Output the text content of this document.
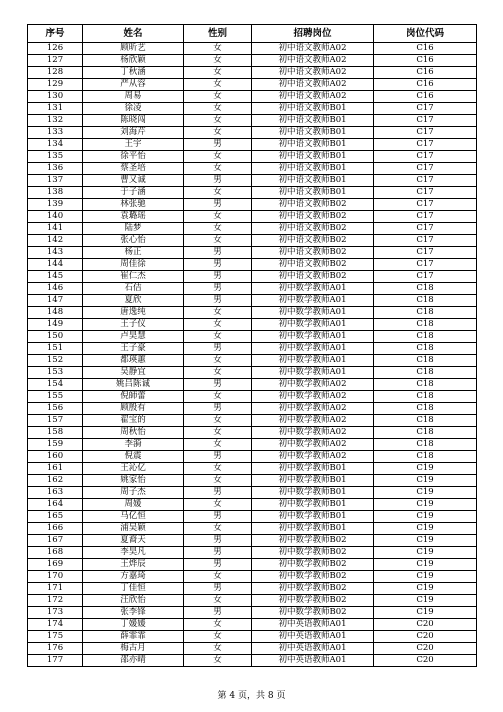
序号	姓名	性别	招聘岗位	岗位代码
126	顾昕艺	女	初中语文教师A02	C16
127	杨欣颖	女	初中语文教师A02	C16
128	丁秋涵	女	初中语文教师A02	C16
129	严从容	女	初中语文教师A02	C16
130	周易	女	初中语文教师A02	C16
131	徐凌	女	初中语文教师B01	C17
132	陈晓闯	女	初中语文教师B01	C17
133	刘海芹	女	初中语文教师B01	C17
134	王宇	男	初中语文教师B01	C17
135	徐平怡	女	初中语文教师B01	C17
136	蔡圣培	女	初中语文教师B01	C17
137	曹又诚	男	初中语文教师B01	C17
138	于子涵	女	初中语文教师B01	C17
139	林张驰	男	初中语文教师B02	C17
140	袁璐瑶	女	初中语文教师B02	C17
141	陆梦	女	初中语文教师B02	C17
142	张心怡	女	初中语文教师B02	C17
143	杨正	男	初中语文教师B02	C17
144	周佳徐	男	初中语文教师B02	C17
145	崔仁杰	男	初中语文教师B02	C17
146	石佶	男	初中数学教师A01	C18
147	夏欣	男	初中数学教师A01	C18
148	唐逸纯	女	初中数学教师A01	C18
149	王子仪	女	初中数学教师A01	C18
150	卢昊慧	女	初中数学教师A01	C18
151	王子豪	男	初中数学教师A01	C18
152	都瑛蕙	女	初中数学教师A01	C18
153	吴静宜	女	初中数学教师A01	C18
154	姚吕陈诚	男	初中数学教师A02	C18
155	倪師蕾	女	初中数学教师A02	C18
156	顾殷有	男	初中数学教师A02	C18
157	翟宝的	女	初中数学教师A02	C18
158	周秋怡	女	初中数学教师A02	C18
159	李漪	女	初中数学教师A02	C18
160	倪震	男	初中数学教师A02	C18
161	王沁亿	女	初中数学教师B01	C19
162	姚家怡	女	初中数学教师B01	C19
163	周子杰	男	初中数学教师B01	C19
164	周媛	女	初中数学教师B01	C19
165	马亿恒	男	初中数学教师B01	C19
166	浦吴颖	女	初中数学教师B01	C19
167	夏裔天	男	初中数学教师B02	C19
168	李昊凡	男	初中数学教师B02	C19
169	王烨辰	男	初中数学教师B02	C19
170	方嘉琦	女	初中数学教师B02	C19
171	丁佳恒	男	初中数学教师B02	C19
172	汪欣怡	女	初中数学教师B02	C19
173	张李锋	男	初中数学教师B02	C19
174	丁媛媛	女	初中英语教师A01	C20
175	薛霏霏	女	初中英语教师A01	C20
176	梅古月	女	初中英语教师A01	C20
177	邵亦晴	女	初中英语教师A01	C20
第 4 页，共 8 页
